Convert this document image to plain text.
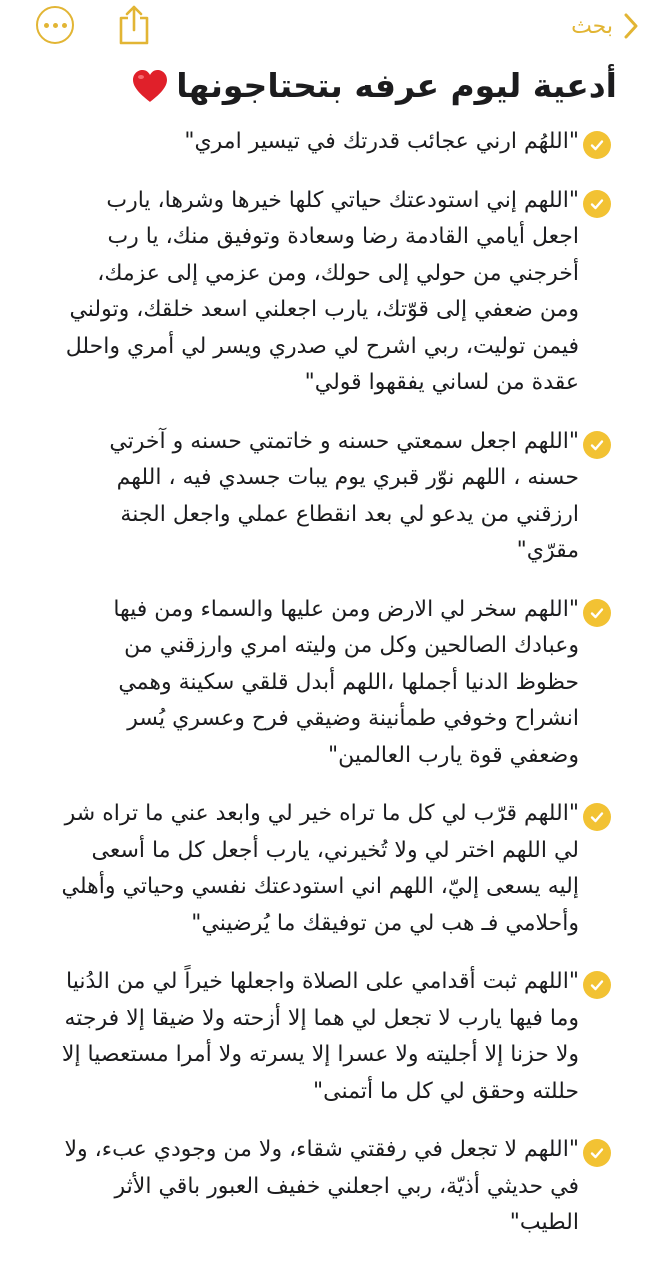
بحث
أدعية ليوم عرفه بتحتاجونها
"اللهُم ارني عجائب قدرتك في تيسير امري"
"اللهم إني استودعتك حياتي كلها خيرها وشرها، يارب اجعل أيامي القادمة رضا وسعادة وتوفيق منك، يا رب أخرجني من حولي إلى حولك، ومن عزمي إلى عزمك، ومن ضعفي إلى قوّتك، يارب اجعلني اسعد خلقك، وتولني فيمن توليت، ربي اشرح لي صدري ويسر لي أمري واحلل عقدة من لساني يفقهوا قولي"
"اللهم اجعل سمعتي حسنه و خاتمتي حسنه و آخرتي حسنه ، اللهم نوّر قبري يوم يبات جسدي فيه ، اللهم ارزقني من يدعو لي بعد انقطاع عملي واجعل الجنة مقرّي"
"اللهم سخر لي الارض ومن عليها والسماء ومن فيها وعبادك الصالحين وكل من وليته امري وارزقني من حظوظ الدنيا أجملها ،اللهم أبدل قلقي سكينة وهمي انشراح وخوفي طمأنينة وضيقي فرح وعسري يُسر وضعفي قوة يارب العالمين"
"اللهم قرّب لي كل ما تراه خير لي وابعد عني ما تراه شر لي اللهم اختر لي ولا تُخيرني، يارب أجعل كل ما أسعى إليه يسعى إليّ، اللهم اني استودعتك نفسي وحياتي وأهلي وأحلامي فـ هب لي من توفيقك ما يُرضيني"
"اللهم ثبت أقدامي على الصلاة واجعلها خيراً لي من الدُنيا وما فيها يارب لا تجعل لي هما إلا أزحته ولا ضيقا إلا فرجته ولا حزنا إلا أجليته ولا عسرا إلا يسرته ولا أمرا مستعصيا إلا حللته وحقق لي كل ما أتمنى"
"اللهم لا تجعل في رفقتي شقاء، ولا من وجودي عبء، ولا في حديثي أذيّة، ربي اجعلني خفيف العبور باقي الأثر الطيب"
